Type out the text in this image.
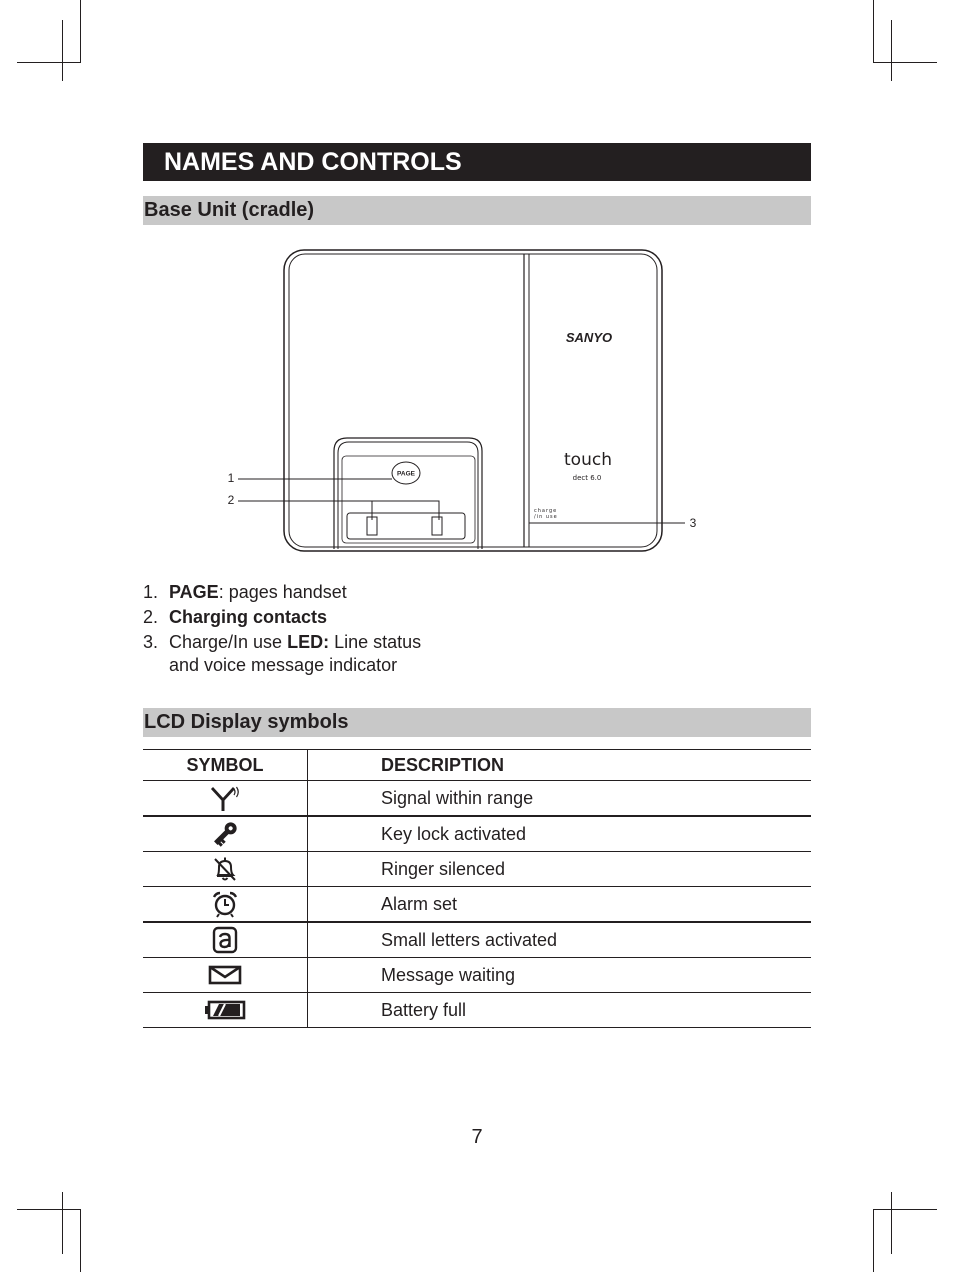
NAMES AND CONTROLS
Base Unit (cradle)
PAGE
SANYO
touch
dect 6.0
charge
/in use
1
2
3
1. PAGE: pages handset
2. Charging contacts
3. Charge/In use LED: Line status
and voice message indicator
LCD Display symbols
SYMBOL	DESCRIPTION
Signal within range
Key lock activated
Ringer silenced
Alarm set
Small letters activated
Message waiting
Battery full
7
